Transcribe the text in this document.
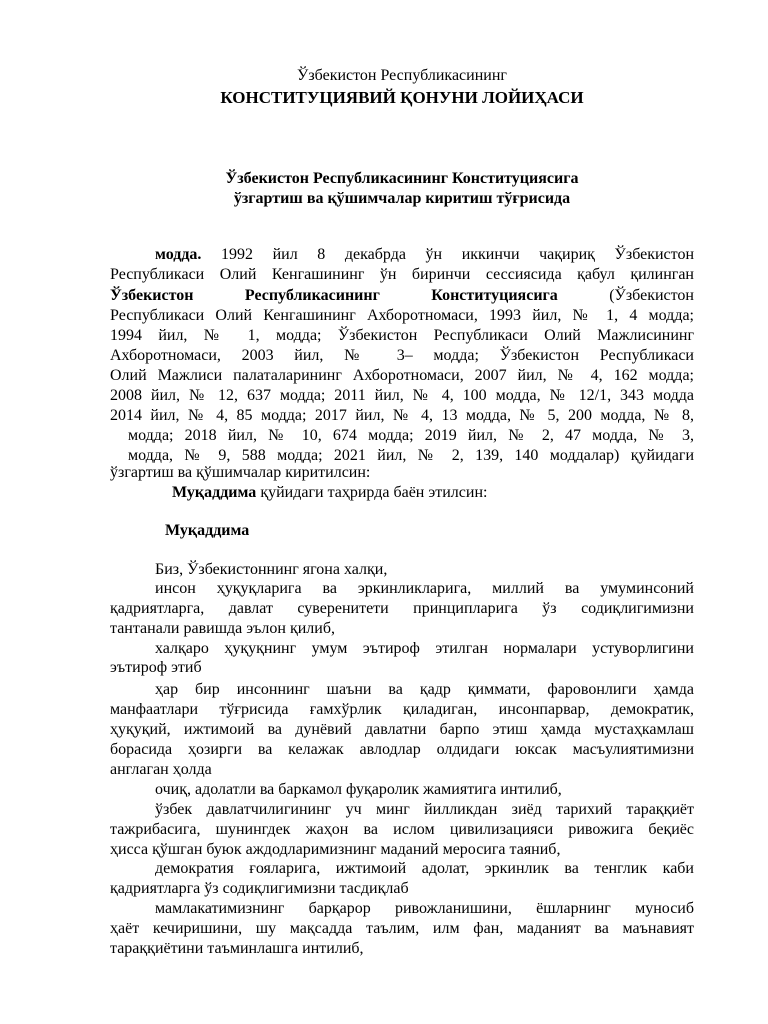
Ўзбекистон Республикасининг

КОНСТИТУЦИЯВИЙ ҚОНУНИ ЛОЙИҲАСИ

Ўзбекистон Республикасининг Конституциясига

ўзгартиш ва қўшимчалар киритиш тўғрисида

модда. 1992 йил 8 декабрда ўн иккинчи чақириқ Ўзбекистон

Республикаси Олий Кенгашининг ўн биринчи сессиясида қабул қилинган

Ўзбекистон Республикасининг Конституциясига	(Ўзбекистон

Республикаси Олий Кенгашининг Ахборотномаси, 1993 йил, № 1, 4 модда;

1994 йил, № 1, модда; Ўзбекистон Республикаси Олий Мажлисининг

Ахборотномаси, 2003 йил, № 3– модда; Ўзбекистон Республикаси

Олий Мажлиси палаталарининг Ахборотномаси, 2007 йил, № 4, 162 модда;

2008 йил, № 12, 637 модда; 2011 йил, № 4, 100 модда, № 12/1, 343 модда

2014 йил, № 4, 85 модда; 2017 йил, № 4, 13 модда, № 5, 200 модда, № 8,

модда; 2018 йил, № 10, 674 модда; 2019 йил, № 2, 47 модда, № 3,

модда, № 9, 588 модда; 2021 йил, № 2, 139, 140 моддалар) қуйидаги

ўзгартиш ва қўшимчалар киритилсин:

Муқаддима қуйидаги таҳрирда баён этилсин:

Муқаддима

Биз, Ўзбекистоннинг ягона халқи,

инсон ҳуқуқларига ва эркинликларига, миллий ва умуминсоний

қадриятларга, давлат суверенитети принципларига ўз содиқлигимизни

тантанали равишда эълон қилиб,

халқаро ҳуқуқнинг умум эътироф этилган нормалари устуворлигини

эътироф этиб

ҳар бир инсоннинг шаъни ва қадр қиммати, фаровонлиги ҳамда

манфаатлари тўғрисида ғамхўрлик қиладиган, инсонпарвар, демократик,

ҳуқуқий, ижтимоий ва дунёвий давлатни барпо этиш ҳамда мустаҳкамлаш

борасида ҳозирги ва келажак авлодлар олдидаги юксак масъулиятимизни

англаган ҳолда

очиқ, адолатли ва баркамол фуқаролик жамиятига интилиб,

ўзбек давлатчилигининг уч минг йилликдан зиёд тарихий тараққиёт

тажрибасига, шунингдек жаҳон ва ислом цивилизацияси ривожига беқиёс

ҳисса қўшган буюк аждодларимизнинг маданий меросига таяниб,

демократия ғояларига, ижтимоий адолат, эркинлик ва тенглик каби

қадриятларга ўз содиқлигимизни тасдиқлаб

мамлакатимизнинг барқарор ривожланишини, ёшларнинг муносиб

ҳаёт кечиришини, шу мақсадда таълим, илм фан, маданият ва маънавият

тараққиётини таъминлашга интилиб,
